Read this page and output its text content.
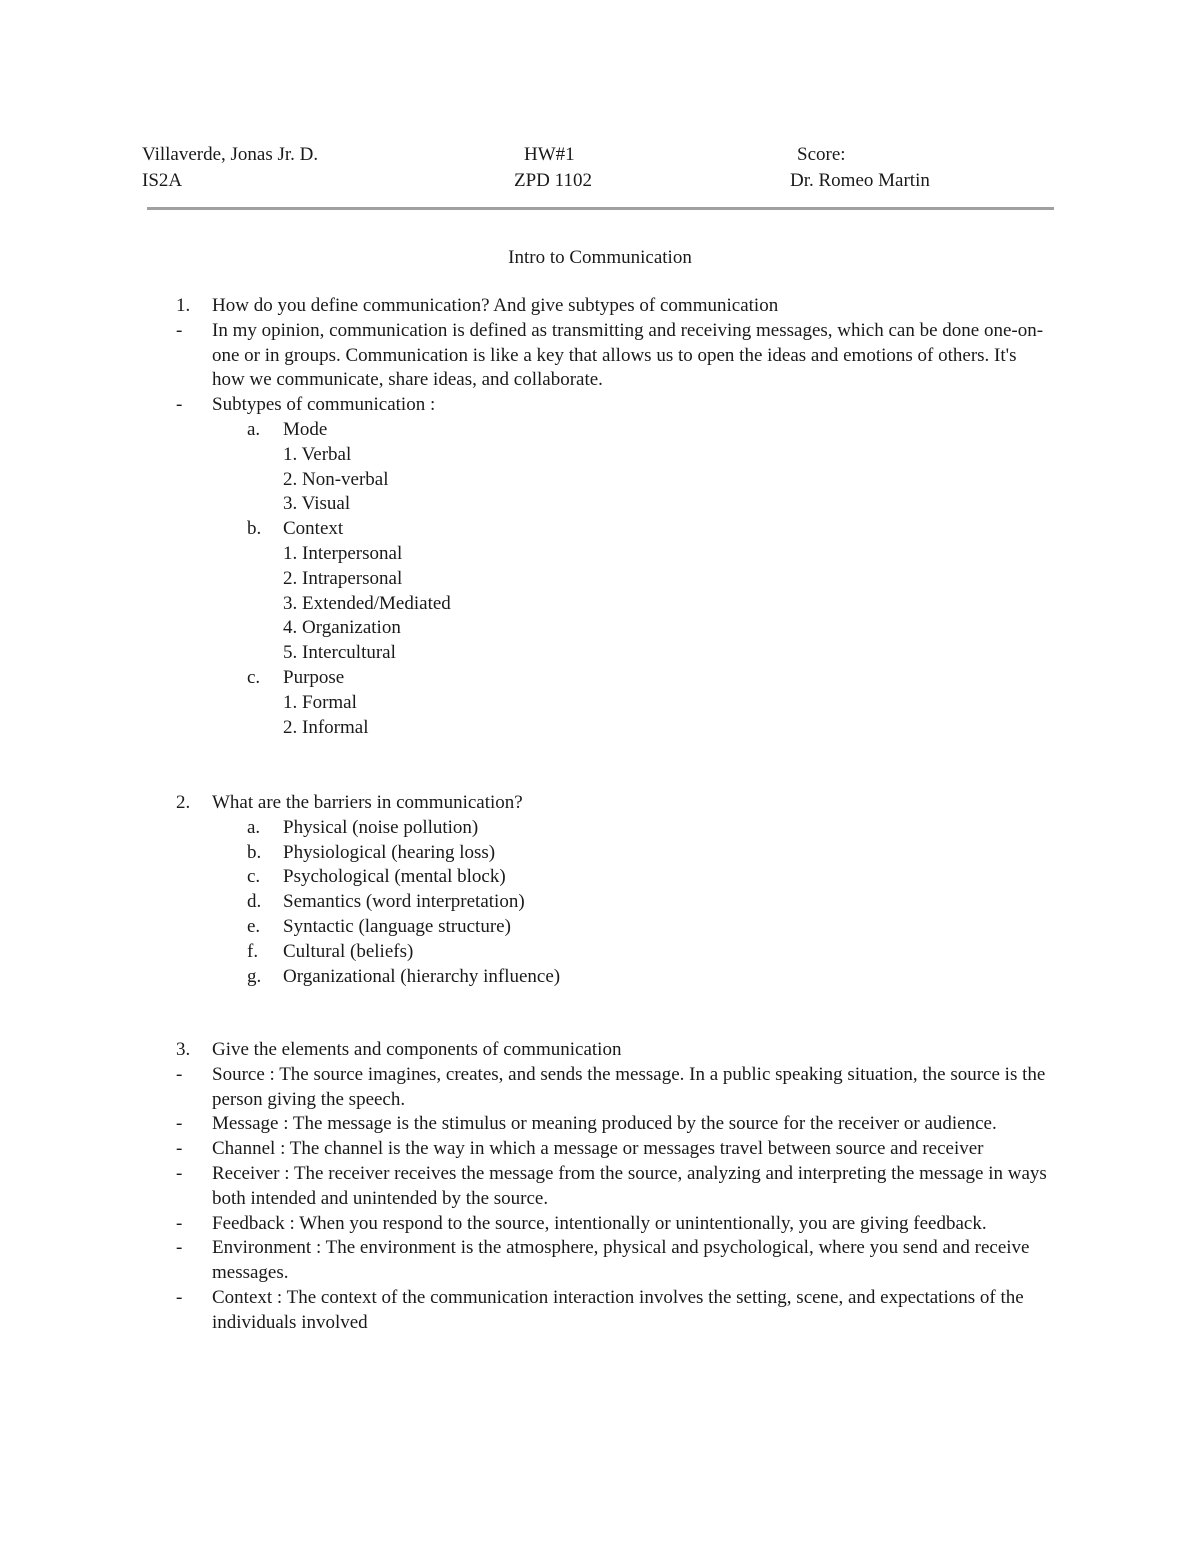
Villaverde, Jonas Jr. D.
IS2A
HW#1
ZPD 1102
Score:
Dr. Romeo Martin
Intro to Communication
1. How do you define communication? And give subtypes of communication
- In my opinion, communication is defined as transmitting and receiving messages, which can be done one-on-one or in groups. Communication is like a key that allows us to open the ideas and emotions of others. It's how we communicate, share ideas, and collaborate.
- Subtypes of communication :
a. Mode
1. Verbal
2. Non-verbal
3. Visual
b. Context
1. Interpersonal
2. Intrapersonal
3. Extended/Mediated
4. Organization
5. Intercultural
c. Purpose
1. Formal
2. Informal
2. What are the barriers in communication?
a. Physical (noise pollution)
b. Physiological (hearing loss)
c. Psychological (mental block)
d. Semantics (word interpretation)
e. Syntactic (language structure)
f. Cultural (beliefs)
g. Organizational (hierarchy influence)
3. Give the elements and components of communication
- Source : The source imagines, creates, and sends the message. In a public speaking situation, the source is the person giving the speech.
- Message : The message is the stimulus or meaning produced by the source for the receiver or audience.
- Channel : The channel is the way in which a message or messages travel between source and receiver
- Receiver : The receiver receives the message from the source, analyzing and interpreting the message in ways both intended and unintended by the source.
- Feedback : When you respond to the source, intentionally or unintentionally, you are giving feedback.
- Environment : The environment is the atmosphere, physical and psychological, where you send and receive messages.
- Context : The context of the communication interaction involves the setting, scene, and expectations of the individuals involved
